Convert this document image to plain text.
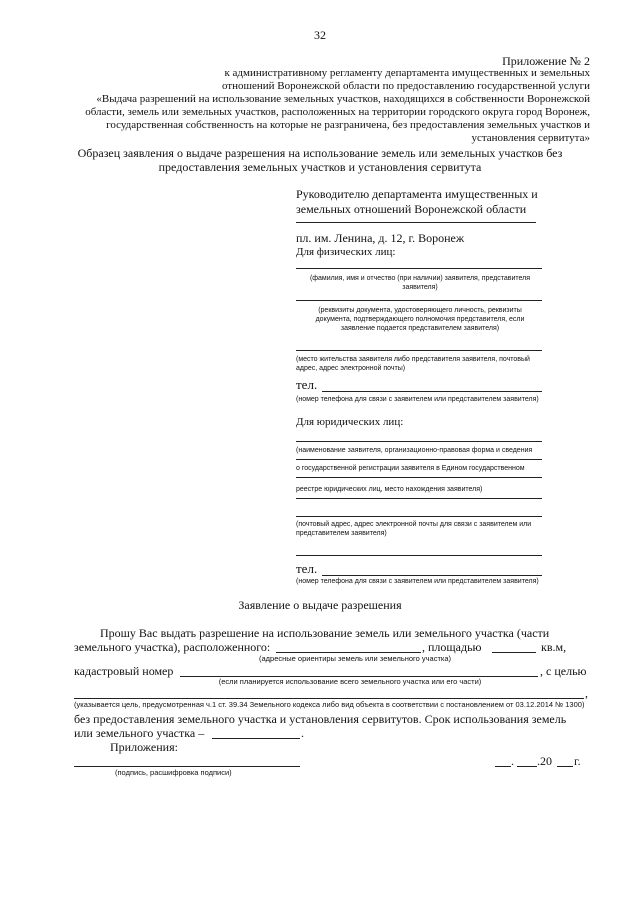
32
Приложение № 2
к административному регламенту департамента имущественных и земельных
отношений Воронежской области по предоставлению государственной услуги
«Выдача разрешений на использование земельных участков, находящихся в собственности Воронежской
области, земель или земельных участков, расположенных на территории городского округа город Воронеж,
государственная собственность на которые не разграничена, без предоставления земельных участков и
установления сервитута»
Образец заявления о выдаче разрешения на использование земель или земельных участков без
предоставления земельных участков и установления сервитута
Руководителю департамента имущественных и
земельных отношений Воронежской области
пл. им. Ленина, д. 12, г. Воронеж
Для физических лиц:
(фамилия, имя и отчество (при наличии) заявителя, представителя заявителя)
(реквизиты документа, удостоверяющего личность, реквизиты документа, подтверждающего полномочия представителя, если заявление подается представителем заявителя)
(место жительства заявителя либо представителя заявителя, почтовый адрес, адрес электронной почты)
тел.
(номер телефона для связи с заявителем или представителем заявителя)
Для юридических лиц:
(наименование заявителя, организационно-правовая форма и сведения
о государственной регистрации заявителя в Едином государственном
реестре юридических лиц, место нахождения заявителя)
(почтовый адрес, адрес электронной почты для связи с заявителем или представителем заявителя)
тел.
(номер телефона для связи с заявителем или представителем заявителя)
Заявление о выдаче разрешения
Прошу Вас выдать разрешение на использование земель или земельного участка (части
земельного участка), расположенного:	, площадью	кв.м,
(адресные ориентиры земель или земельного участка)
кадастровый номер	, с целью
(если планируется использование всего земельного участка или его части)
,
(указывается цель, предусмотренная ч.1 ст. 39.34 Земельного кодекса либо вид объекта в соответствии с постановлением от 03.12.2014 № 1300)
без предоставления земельного участка и установления сервитутов. Срок использования земель
или земельного участка –	.
Приложения:
(подпись, расшифровка подписи)
. .20	г.
